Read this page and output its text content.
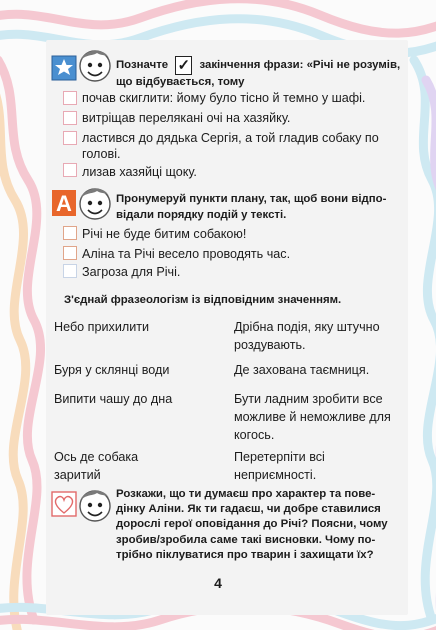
Позначте ✓ закінчення фрази: «Річі не розумів,
що відбувається, тому
почав скиглити: йому було тісно й темно у шафі.
витріщав перелякані очі на хазяйку.
ластився до дядька Сергія, а той гладив собаку по
голові.
лизав хазяйці щоку.
A	Пронумеруй пункти плану, так, щоб вони відпо-
відали порядку подій у тексті.
Річі не буде битим собакою!
Аліна та Річі весело проводять час.
Загроза для Річі.
З'єднай фразеологізм із відповідним значенням.
Небо прихилити
Буря у склянці води
Випити чашу до дна
Ось де собака
заритий
Дрібна подія, яку штучно
роздувають.
Де захована таємниця.
Бути ладним зробити все
можливе й неможливе для
когось.
Перетерпіти всі
неприємності.
Розкажи, що ти думаєш про характер та пове-
дінку Аліни. Як ти гадаєш, чи добре ставилися
дорослі герої оповідання до Річі? Поясни, чому
зробив/зробила саме такі висновки. Чому по-
трібно піклуватися про тварин і захищати їх?
4
